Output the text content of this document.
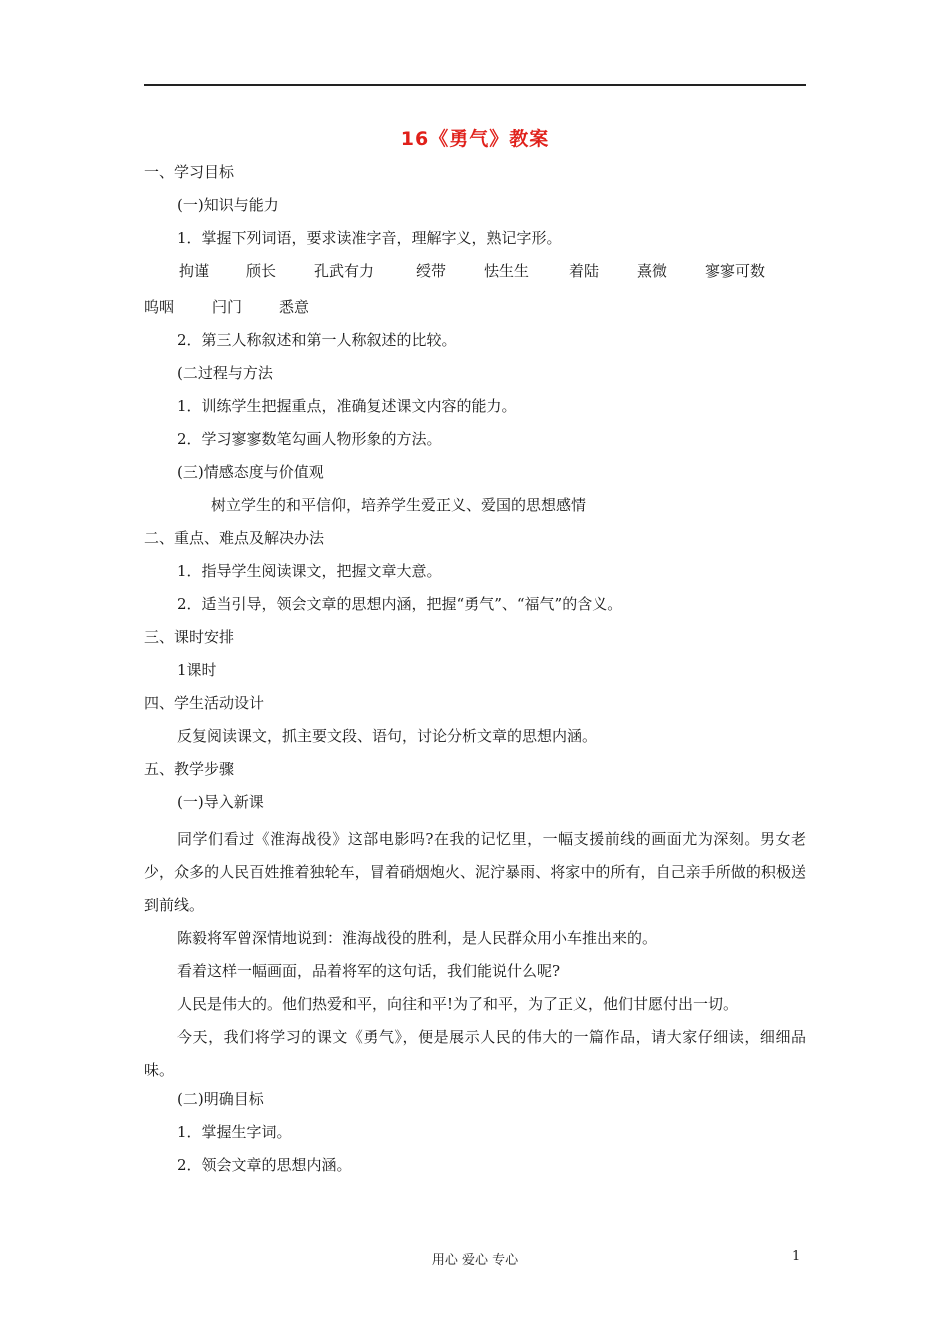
16《勇气》教案
一、学习目标
(一)知识与能力
1．掌握下列词语，要求读准字音，理解字义，熟记字形。
拘谨 颀长	孔武有力	绶带	怯生生	着陆	熹微	寥寥可数
呜咽	闩门 悉意
2．第三人称叙述和第一人称叙述的比较。
(二过程与方法
1．训练学生把握重点，准确复述课文内容的能力。
2．学习寥寥数笔勾画人物形象的方法。
(三)情感态度与价值观
树立学生的和平信仰，培养学生爱正义、爱国的思想感情
二、重点、难点及解决办法
1．指导学生阅读课文，把握文章大意。
2．适当引导，领会文章的思想内涵，把握“勇气”、“福气”的含义。
三、课时安排
1课时
四、学生活动设计
反复阅读课文，抓主要文段、语句，讨论分析文章的思想内涵。
五、教学步骤
(一)导入新课
同学们看过《淮海战役》这部电影吗?在我的记忆里，一幅支援前线的画面尤为深刻。男女老少，众多的人民百姓推着独轮车，冒着硝烟炮火、泥泞暴雨、将家中的所有，自己亲手所做的积极送到前线。
陈毅将军曾深情地说到：淮海战役的胜利，是人民群众用小车推出来的。
看着这样一幅画面，品着将军的这句话，我们能说什么呢?
人民是伟大的。他们热爱和平，向往和平!为了和平，为了正义，他们甘愿付出一切。
今天，我们将学习的课文《勇气》，便是展示人民的伟大的一篇作品，请大家仔细读，细细品味。
(二)明确目标
1．掌握生字词。
2．领会文章的思想内涵。
用心 爱心 专心	1
